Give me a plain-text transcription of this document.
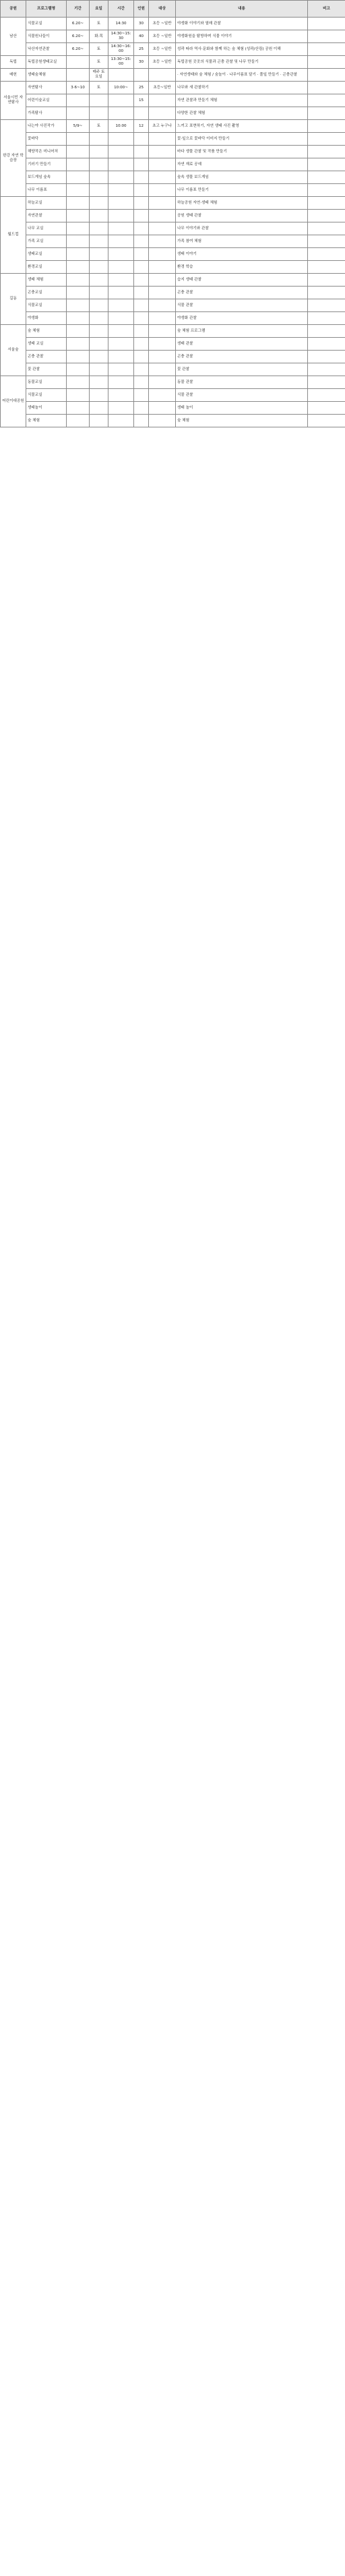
공원	프로그램명	기간	요일	시간	인원	대상	내용	비고
남산	식물교실	6.20~	토	14:30	30	초등 ~일반	야생화 이야기와 열매 관찰	
	식물원나들이	6.20~	화.목	14:30~15:30	40	초등 ~일반	야생화원을 탐방하며 식물 이야기	
	낙산자연관찰	6.20~	토	14:30~16:00	25	초등 ~일반	성곽 따라 역사·문화와 함께 하는 숲 체험 (성곽/산림) 공원 이해	
독립	독립공원생태교실		토	13:30~15:00	30	초등 ~일반	독립공원 곳곳의 식물과 곤충 관찰 및 나무 만들기	
매헌	생태숲체험		매주 토요일				· 자연생태와 숲 체험 / 숲놀이 · 나무이름표 달기 · 풀잎 만들기 · 곤충관찰	
서울시민 자연탐사	자연탐사	3·6~10	토	10:00~	25	초등~일반	나무와 새 관찰하기	
	어린이숲교실				15		자연 관찰과 만들기 체험	
	가족탐사						다양한 관찰 체험	
한강 자연 학습장	나는야 사진작가	5/9~	토	10:00	12	초고 누구나	느끼고 표현하기, 자연 생태 사진 촬영	
	꽃바닥						꽃·잎으로 꽃바닥 이미지 만들기	
	해양작은 미니어처						바다 생물 관찰 및 작품 만들기	
	기러기 만들기						자연 재료 공예	
	보드게임 숲속						숲속 생물 보드게임	
	나무 이름표						나무 이름표 만들기	
월드컵	하늘교실						하늘공원 자연·생태 체험	
	자연관찰						공원 생태 관찰	
	나무 교실						나무 이야기와 관찰	
	가족 교실						가족 참여 체험	
	생태교실						생태 이야기	
	환경교실						환경 학습	
길동	생태 체험						습지 생태 관찰	
	곤충교실						곤충 관찰	
	식물교실						식물 관찰	
	야생화						야생화 관찰	
서울숲	숲 체험						숲 체험 프로그램	
	생태 교실						생태 관찰	
	곤충 관찰						곤충 관찰	
	꽃 관찰						꽃 관찰	
어린이대공원	동물교실						동물 관찰	
	식물교실						식물 관찰	
	생태놀이						생태 놀이	
	숲 체험						숲 체험	
